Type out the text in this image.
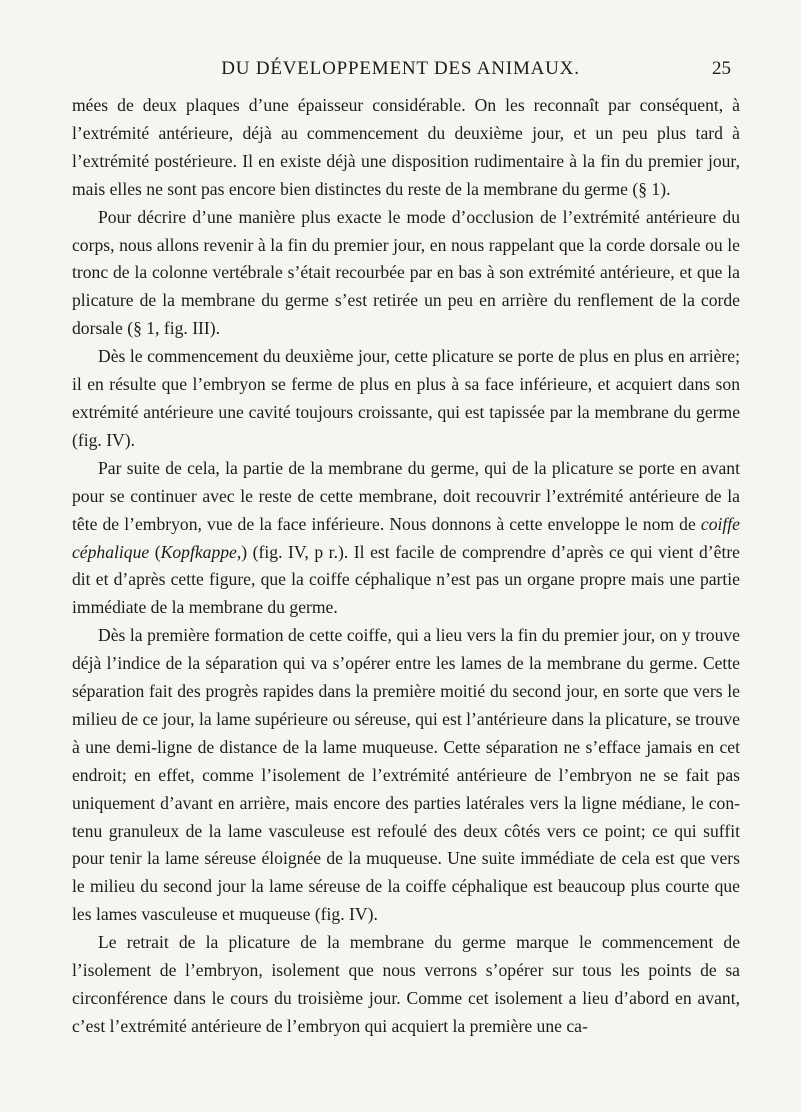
DU DÉVELOPPEMENT DES ANIMAUX.	25

mées de deux plaques d’une épaisseur considérable. On les reconnaît par conséquent, à l’extrémité antérieure, déjà au commencement du deuxième jour, et un peu plus tard à l’extrémité postérieure. Il en existe déjà une disposition rudimentaire à la fin du premier jour, mais elles ne sont pas encore bien distinctes du reste de la membrane du germe (§ 1).

Pour décrire d’une manière plus exacte le mode d’occlusion de l’extrémité antérieure du corps, nous allons revenir à la fin du premier jour, en nous rappelant que la corde dorsale ou le tronc de la colonne vertébrale s’était recourbée par en bas à son extrémité antérieure, et que la plicature de la membrane du germe s’est retirée un peu en arrière du renflement de la corde dorsale (§ 1, fig. III).

Dès le commencement du deuxième jour, cette plicature se porte de plus en plus en arrière; il en résulte que l’embryon se ferme de plus en plus à sa face inférieure, et acquiert dans son extrémité antérieure une cavité toujours croissante, qui est tapissée par la membrane du germe (fig. IV).

Par suite de cela, la partie de la membrane du germe, qui de la plicature se porte en avant pour se continuer avec le reste de cette membrane, doit recouvrir l’extrémité antérieure de la tête de l’embryon, vue de la face inférieure. Nous donnons à cette enveloppe le nom de coiffe céphalique (Kopfkappe,) (fig. IV, p r.). Il est facile de comprendre d’après ce qui vient d’être dit et d’après cette figure, que la coiffe céphalique n’est pas un organe propre mais une partie immédiate de la membrane du germe.

Dès la première formation de cette coiffe, qui a lieu vers la fin du premier jour, on y trouve déjà l’indice de la séparation qui va s’opérer entre les lames de la membrane du germe. Cette séparation fait des progrès rapides dans la première moitié du second jour, en sorte que vers le milieu de ce jour, la lame supérieure ou séreuse, qui est l’antérieure dans la plicature, se trouve à une demi-ligne de distance de la lame muqueuse. Cette séparation ne s’efface jamais en cet endroit; en effet, comme l’isolement de l’extrémité antérieure de l’embryon ne se fait pas uniquement d’avant en arrière, mais encore des parties latérales vers la ligne médiane, le contenu granuleux de la lame vasculeuse est refoulé des deux côtés vers ce point; ce qui suffit pour tenir la lame séreuse éloignée de la muqueuse. Une suite immédiate de cela est que vers le milieu du second jour la lame séreuse de la coiffe céphalique est beaucoup plus courte que les lames vasculeuse et muqueuse (fig. IV).

Le retrait de la plicature de la membrane du germe marque le commencement de l’isolement de l’embryon, isolement que nous verrons s’opérer sur tous les points de sa circonférence dans le cours du troisième jour. Comme cet isolement a lieu d’abord en avant, c’est l’extrémité antérieure de l’embryon qui acquiert la première une ca-
